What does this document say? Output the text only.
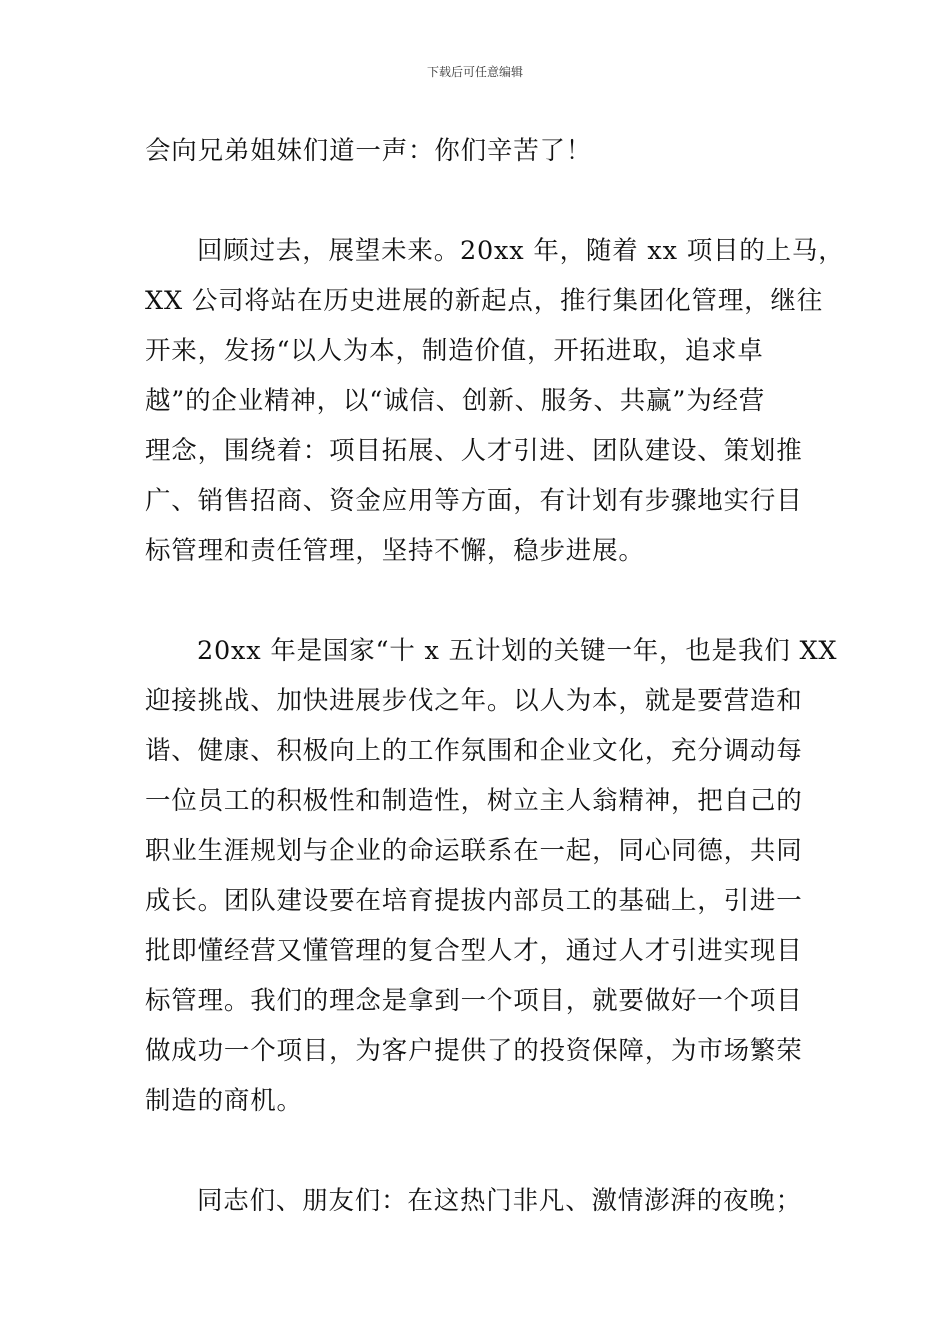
下载后可任意编辑
会向兄弟姐妹们道一声：你们辛苦了！
回顾过去，展望未来。20xx 年，随着 xx 项目的上马，
XX 公司将站在历史进展的新起点，推行集团化管理，继往
开来，发扬“以人为本，制造价值，开拓进取，追求卓
越”的企业精神，以“诚信、创新、服务、共赢”为经营
理念，围绕着：项目拓展、人才引进、团队建设、策划推
广、销售招商、资金应用等方面，有计划有步骤地实行目
标管理和责任管理，坚持不懈，稳步进展。
20xx 年是国家“十 x 五计划的关键一年，也是我们 XX
迎接挑战、加快进展步伐之年。以人为本，就是要营造和
谐、健康、积极向上的工作氛围和企业文化，充分调动每
一位员工的积极性和制造性，树立主人翁精神，把自己的
职业生涯规划与企业的命运联系在一起，同心同德，共同
成长。团队建设要在培育提拔内部员工的基础上，引进一
批即懂经营又懂管理的复合型人才，通过人才引进实现目
标管理。我们的理念是拿到一个项目，就要做好一个项目
做成功一个项目，为客户提供了的投资保障，为市场繁荣
制造的商机。
同志们、朋友们：在这热门非凡、激情澎湃的夜晚；
